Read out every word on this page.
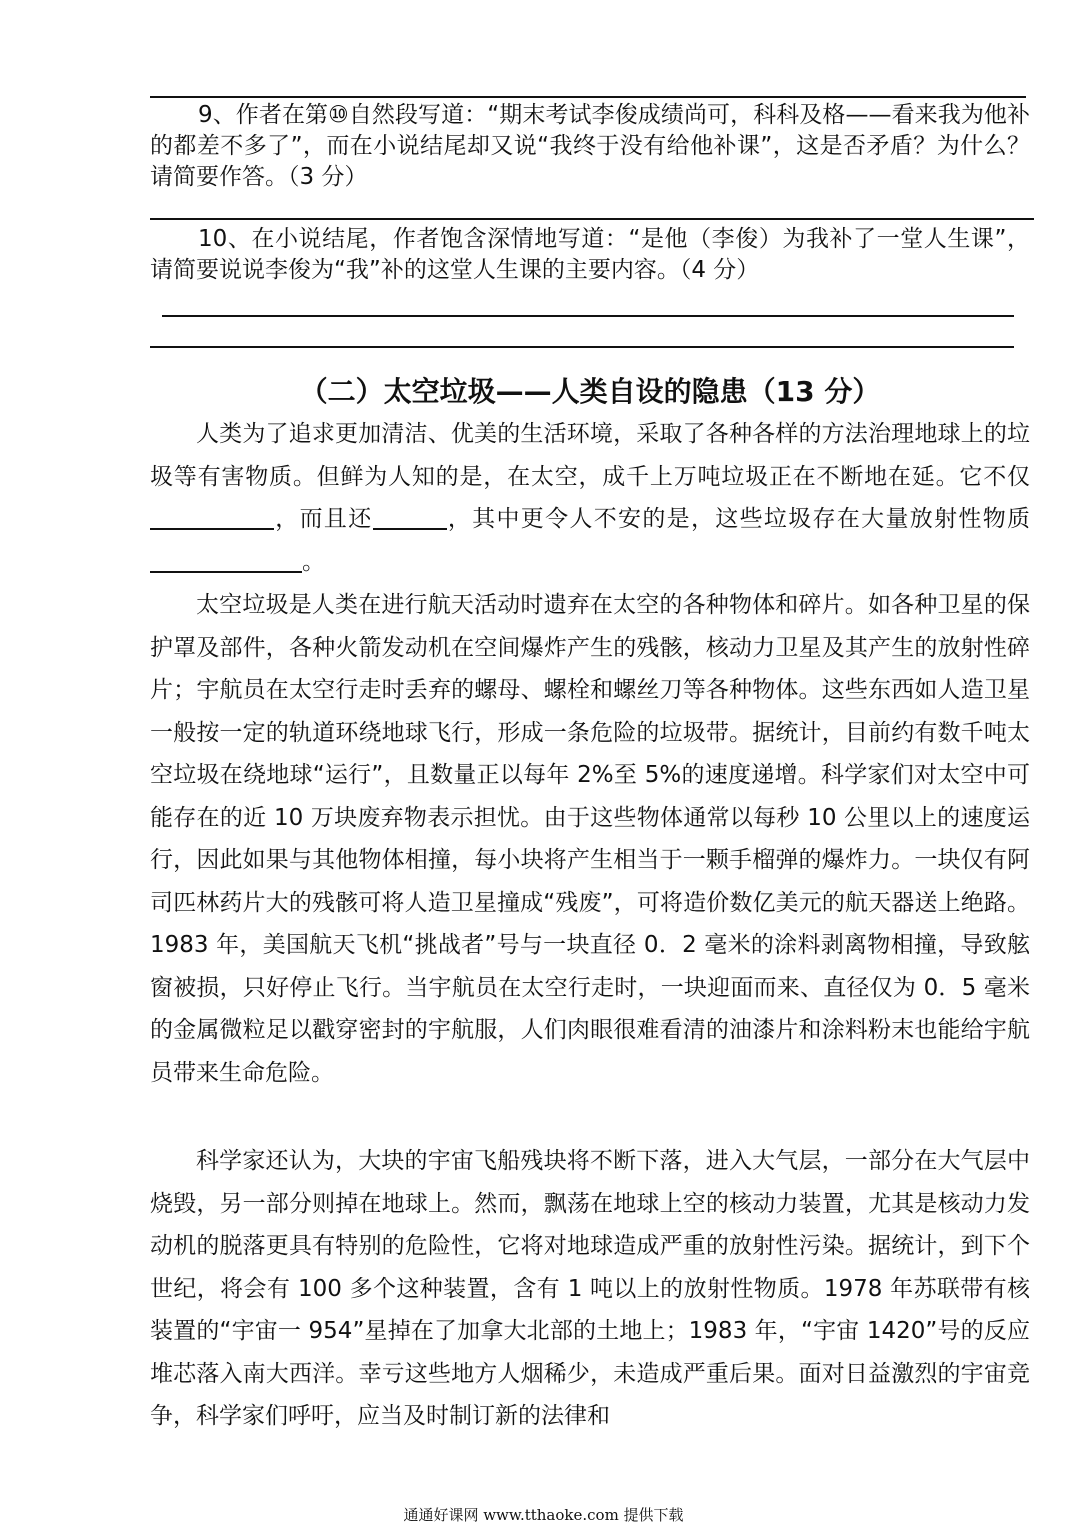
9、作者在第⑩自然段写道：“期末考试李俊成绩尚可，科科及格——看来我为他补的都差不多了”，而在小说结尾却又说“我终于没有给他补课”，这是否矛盾？为什么？请简要作答。（3 分）

10、在小说结尾，作者饱含深情地写道：“是他（李俊）为我补了一堂人生课”，请简要说说李俊为“我”补的这堂人生课的主要内容。（4 分）

（二）太空垃圾——人类自设的隐患（13 分）

人类为了追求更加清洁、优美的生活环境，采取了各种各样的方法治理地球上的垃圾等有害物质。但鲜为人知的是，在太空，成千上万吨垃圾正在不断地在延。它不仅，而且还	，其中更令人不安的是，这些垃圾存在大量放射性物质。

太空垃圾是人类在进行航天活动时遗弃在太空的各种物体和碎片。如各种卫星的保护罩及部件，各种火箭发动机在空间爆炸产生的残骸，核动力卫星及其产生的放射性碎片；宇航员在太空行走时丢弃的螺母、螺栓和螺丝刀等各种物体。这些东西如人造卫星一般按一定的轨道环绕地球飞行，形成一条危险的垃圾带。据统计，目前约有数千吨太空垃圾在绕地球“运行”，且数量正以每年 2%至 5%的速度递增。科学家们对太空中可能存在的近 10 万块废弃物表示担忧。由于这些物体通常以每秒 10 公里以上的速度运行，因此如果与其他物体相撞，每小块将产生相当于一颗手榴弹的爆炸力。一块仅有阿司匹林药片大的残骸可将人造卫星撞成“残废”，可将造价数亿美元的航天器送上绝路。1983 年，美国航天飞机“挑战者”号与一块直径 0．2 毫米的涂料剥离物相撞，导致舷窗被损，只好停止飞行。当宇航员在太空行走时，一块迎面而来、直径仅为 0．5 毫米的金属微粒足以戳穿密封的宇航服，人们肉眼很难看清的油漆片和涂料粉末也能给宇航员带来生命危险。

科学家还认为，大块的宇宙飞船残块将不断下落，进入大气层，一部分在大气层中烧毁，另一部分则掉在地球上。然而，飘荡在地球上空的核动力装置，尤其是核动力发动机的脱落更具有特别的危险性，它将对地球造成严重的放射性污染。据统计，到下个世纪，将会有 100 多个这种装置，含有 1 吨以上的放射性物质。1978 年苏联带有核装置的“宇宙一 954”星掉在了加拿大北部的土地上；1983 年，“宇宙 1420”号的反应堆芯落入南大西洋。幸亏这些地方人烟稀少，未造成严重后果。面对日益激烈的宇宙竞争，科学家们呼吁，应当及时制订新的法律和

通通好课网 www.tthaoke.com 提供下载
